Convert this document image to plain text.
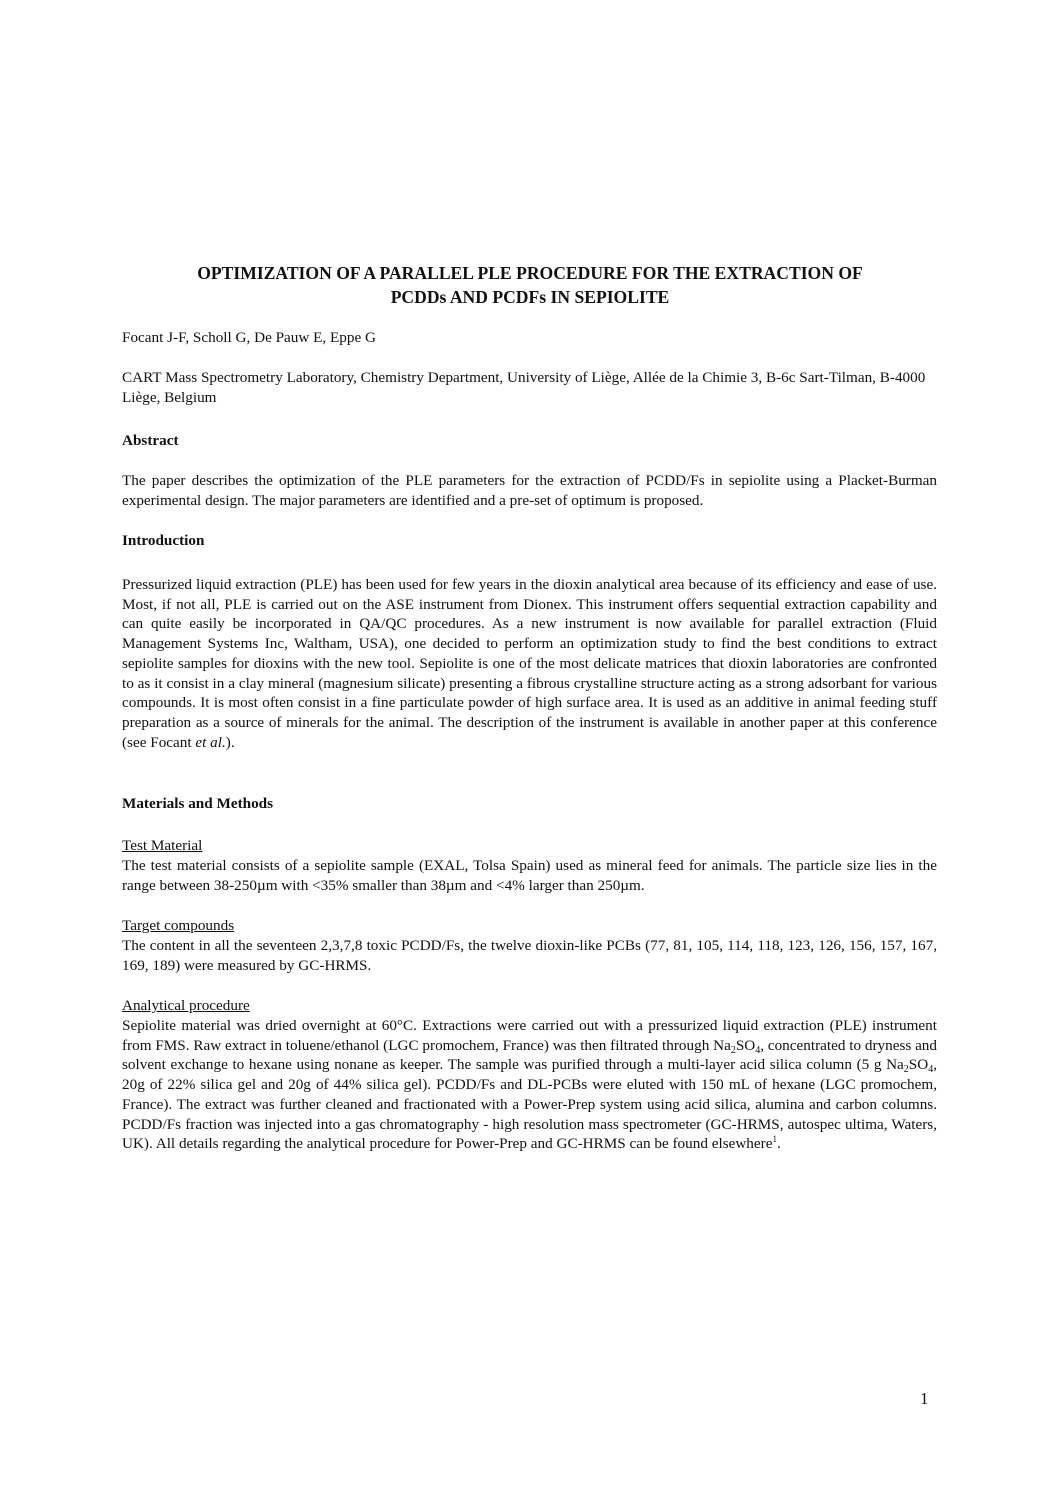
OPTIMIZATION OF A PARALLEL PLE PROCEDURE FOR THE EXTRACTION OF
PCDDs AND PCDFs IN SEPIOLITE
Focant J-F, Scholl G, De Pauw E, Eppe G
CART Mass Spectrometry Laboratory, Chemistry Department, University of Liège, Allée de la Chimie 3, B-6c Sart-Tilman, B-4000 Liège, Belgium
Abstract
The paper describes the optimization of the PLE parameters for the extraction of PCDD/Fs in sepiolite using a Placket-Burman experimental design. The major parameters are identified and a pre-set of optimum is proposed.
Introduction
Pressurized liquid extraction (PLE) has been used for few years in the dioxin analytical area because of its efficiency and ease of use. Most, if not all, PLE is carried out on the ASE instrument from Dionex. This instrument offers sequential extraction capability and can quite easily be incorporated in QA/QC procedures. As a new instrument is now available for parallel extraction (Fluid Management Systems Inc, Waltham, USA), one decided to perform an optimization study to find the best conditions to extract sepiolite samples for dioxins with the new tool. Sepiolite is one of the most delicate matrices that dioxin laboratories are confronted to as it consist in a clay mineral (magnesium silicate) presenting a fibrous crystalline structure acting as a strong adsorbant for various compounds. It is most often consist in a fine particulate powder of high surface area. It is used as an additive in animal feeding stuff preparation as a source of minerals for the animal. The description of the instrument is available in another paper at this conference (see Focant et al.).
Materials and Methods
Test Material
The test material consists of a sepiolite sample (EXAL, Tolsa Spain) used as mineral feed for animals. The particle size lies in the range between 38-250µm with <35% smaller than 38µm and <4% larger than 250µm.
Target compounds
The content in all the seventeen 2,3,7,8 toxic PCDD/Fs, the twelve dioxin-like PCBs (77, 81, 105, 114, 118, 123, 126, 156, 157, 167, 169, 189) were measured by GC-HRMS.
Analytical procedure
Sepiolite material was dried overnight at 60°C. Extractions were carried out with a pressurized liquid extraction (PLE) instrument from FMS. Raw extract in toluene/ethanol (LGC promochem, France) was then filtrated through $Na_2SO_4$, concentrated to dryness and solvent exchange to hexane using nonane as keeper. The sample was purified through a multi-layer acid silica column (5 g $Na_2SO_4$, 20g of 22% silica gel and 20g of 44% silica gel). PCDD/Fs and DL-PCBs were eluted with 150 mL of hexane (LGC promochem, France). The extract was further cleaned and fractionated with a Power-Prep system using acid silica, alumina and carbon columns. PCDD/Fs fraction was injected into a gas chromatography - high resolution mass spectrometer (GC-HRMS, autospec ultima, Waters, UK). All details regarding the analytical procedure for Power-Prep and GC-HRMS can be found elsewhere$^1$.
1
